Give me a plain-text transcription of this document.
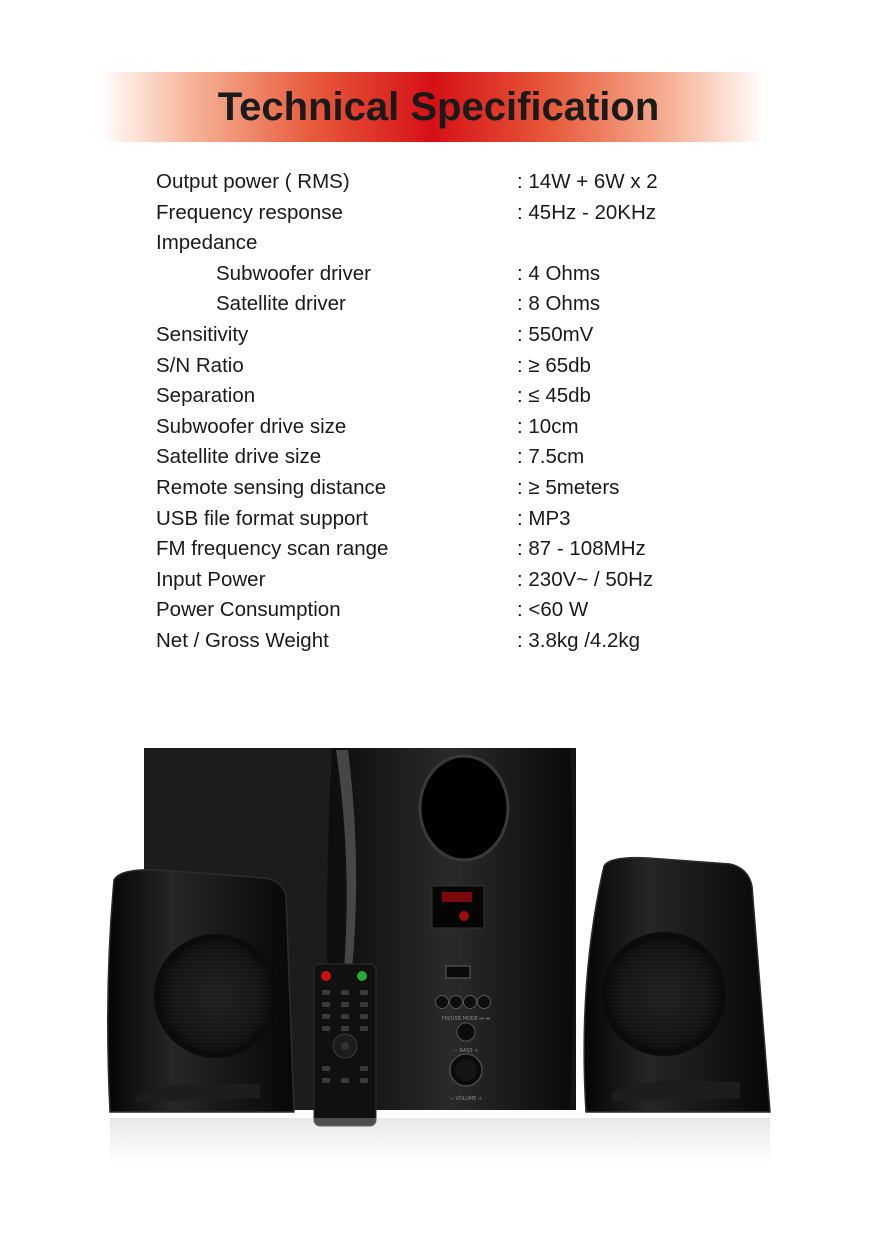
Technical Specification
Output power ( RMS)	: 14W + 6W x 2
Frequency response	: 45Hz - 20KHz
Impedance
Subwoofer driver	: 4 Ohms
Satellite driver	: 8 Ohms
Sensitivity	: 550mV
S/N Ratio	: ≥ 65db
Separation	: ≤ 45db
Subwoofer drive size	: 10cm
Satellite drive size	: 7.5cm
Remote sensing distance	: ≥ 5meters
USB file format support	: MP3
FM frequency scan range	: 87 - 108MHz
Input Power	: 230V~ / 50Hz
Power Consumption	: <60 W
Net / Gross Weight	: 3.8kg /4.2kg
FM/USB MODE ⏮ ⏭
− BASS +
− VOLUME +
